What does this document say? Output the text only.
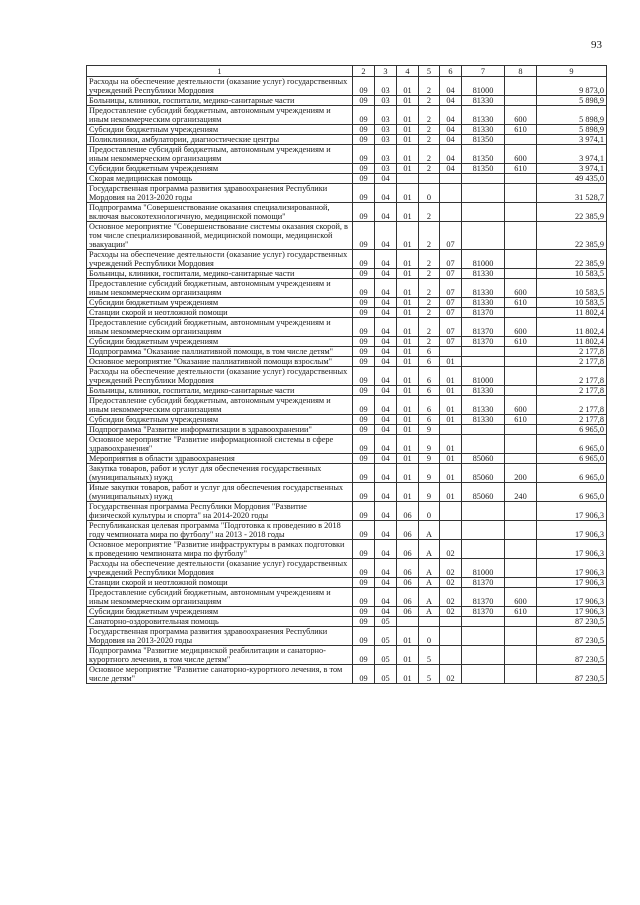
93
1	2	3	4	5	6	7	8	9
Расходы на обеспечение деятельности (оказание услуг) государственных учреждений Республики Мордовия	09	03	01	2	04	81000		9 873,0
Больницы, клиники, госпитали, медико-санитарные части	09	03	01	2	04	81330		5 898,9
Предоставление субсидий бюджетным, автономным учреждениям и иным некоммерческим организациям	09	03	01	2	04	81330	600	5 898,9
Субсидии бюджетным учреждениям	09	03	01	2	04	81330	610	5 898,9
Поликлиники, амбулатории, диагностические центры	09	03	01	2	04	81350		3 974,1
Предоставление субсидий бюджетным, автономным учреждениям и иным некоммерческим организациям	09	03	01	2	04	81350	600	3 974,1
Субсидии бюджетным учреждениям	09	03	01	2	04	81350	610	3 974,1
Скорая медицинская помощь	09	04						49 435,0
Государственная программа развития здравоохранения Республики Мордовия на 2013-2020 годы	09	04	01	0				31 528,7
Подпрограмма "Совершенствование оказания специализированной, включая высокотехнологичную, медицинской помощи"	09	04	01	2				22 385,9
Основное мероприятие "Совершенствование системы оказания скорой, в том числе специализированной, медицинской помощи, медицинской эвакуации"	09	04	01	2	07			22 385,9
Расходы на обеспечение деятельности (оказание услуг) государственных учреждений Республики Мордовия	09	04	01	2	07	81000		22 385,9
Больницы, клиники, госпитали, медико-санитарные части	09	04	01	2	07	81330		10 583,5
Предоставление субсидий бюджетным, автономным учреждениям и иным некоммерческим организациям	09	04	01	2	07	81330	600	10 583,5
Субсидии бюджетным учреждениям	09	04	01	2	07	81330	610	10 583,5
Станции скорой и неотложной помощи	09	04	01	2	07	81370		11 802,4
Предоставление субсидий бюджетным, автономным учреждениям и иным некоммерческим организациям	09	04	01	2	07	81370	600	11 802,4
Субсидии бюджетным учреждениям	09	04	01	2	07	81370	610	11 802,4
Подпрограмма "Оказание паллиативной помощи, в том числе детям"	09	04	01	6				2 177,8
Основное мероприятие "Оказание паллиативной помощи взрослым"	09	04	01	6	01			2 177,8
Расходы на обеспечение деятельности (оказание услуг) государственных учреждений Республики Мордовия	09	04	01	6	01	81000		2 177,8
Больницы, клиники, госпитали, медико-санитарные части	09	04	01	6	01	81330		2 177,8
Предоставление субсидий бюджетным, автономным учреждениям и иным некоммерческим организациям	09	04	01	6	01	81330	600	2 177,8
Субсидии бюджетным учреждениям	09	04	01	6	01	81330	610	2 177,8
Подпрограмма "Развитие информатизации в здравоохранении"	09	04	01	9				6 965,0
Основное мероприятие "Развитие информационной системы в сфере здравоохранения"	09	04	01	9	01			6 965,0
Мероприятия в области здравоохранения	09	04	01	9	01	85060		6 965,0
Закупка товаров, работ и услуг для обеспечения государственных (муниципальных) нужд	09	04	01	9	01	85060	200	6 965,0
Иные закупки товаров, работ и услуг для обеспечения государственных (муниципальных) нужд	09	04	01	9	01	85060	240	6 965,0
Государственная программа Республики Мордовия "Развитие физической культуры и спорта" на 2014-2020 годы	09	04	06	0				17 906,3
Республиканская целевая программа "Подготовка к проведению в 2018 году чемпионата мира по футболу" на 2013 - 2018 годы	09	04	06	А				17 906,3
Основное мероприятие "Развитие инфраструктуры в рамках подготовки к проведению чемпионата мира по футболу"	09	04	06	А	02			17 906,3
Расходы на обеспечение деятельности (оказание услуг) государственных учреждений Республики Мордовия	09	04	06	А	02	81000		17 906,3
Станции скорой и неотложной помощи	09	04	06	А	02	81370		17 906,3
Предоставление субсидий бюджетным, автономным учреждениям и иным некоммерческим организациям	09	04	06	А	02	81370	600	17 906,3
Субсидии бюджетным учреждениям	09	04	06	А	02	81370	610	17 906,3
Санаторно-оздоровительная помощь	09	05						87 230,5
Государственная программа развития здравоохранения Республики Мордовия на 2013-2020 годы	09	05	01	0				87 230,5
Подпрограмма "Развитие медицинской реабилитации и санаторно-курортного лечения, в том числе детям"	09	05	01	5				87 230,5
Основное мероприятие "Развитие санаторно-курортного лечения, в том числе детям"	09	05	01	5	02			87 230,5
